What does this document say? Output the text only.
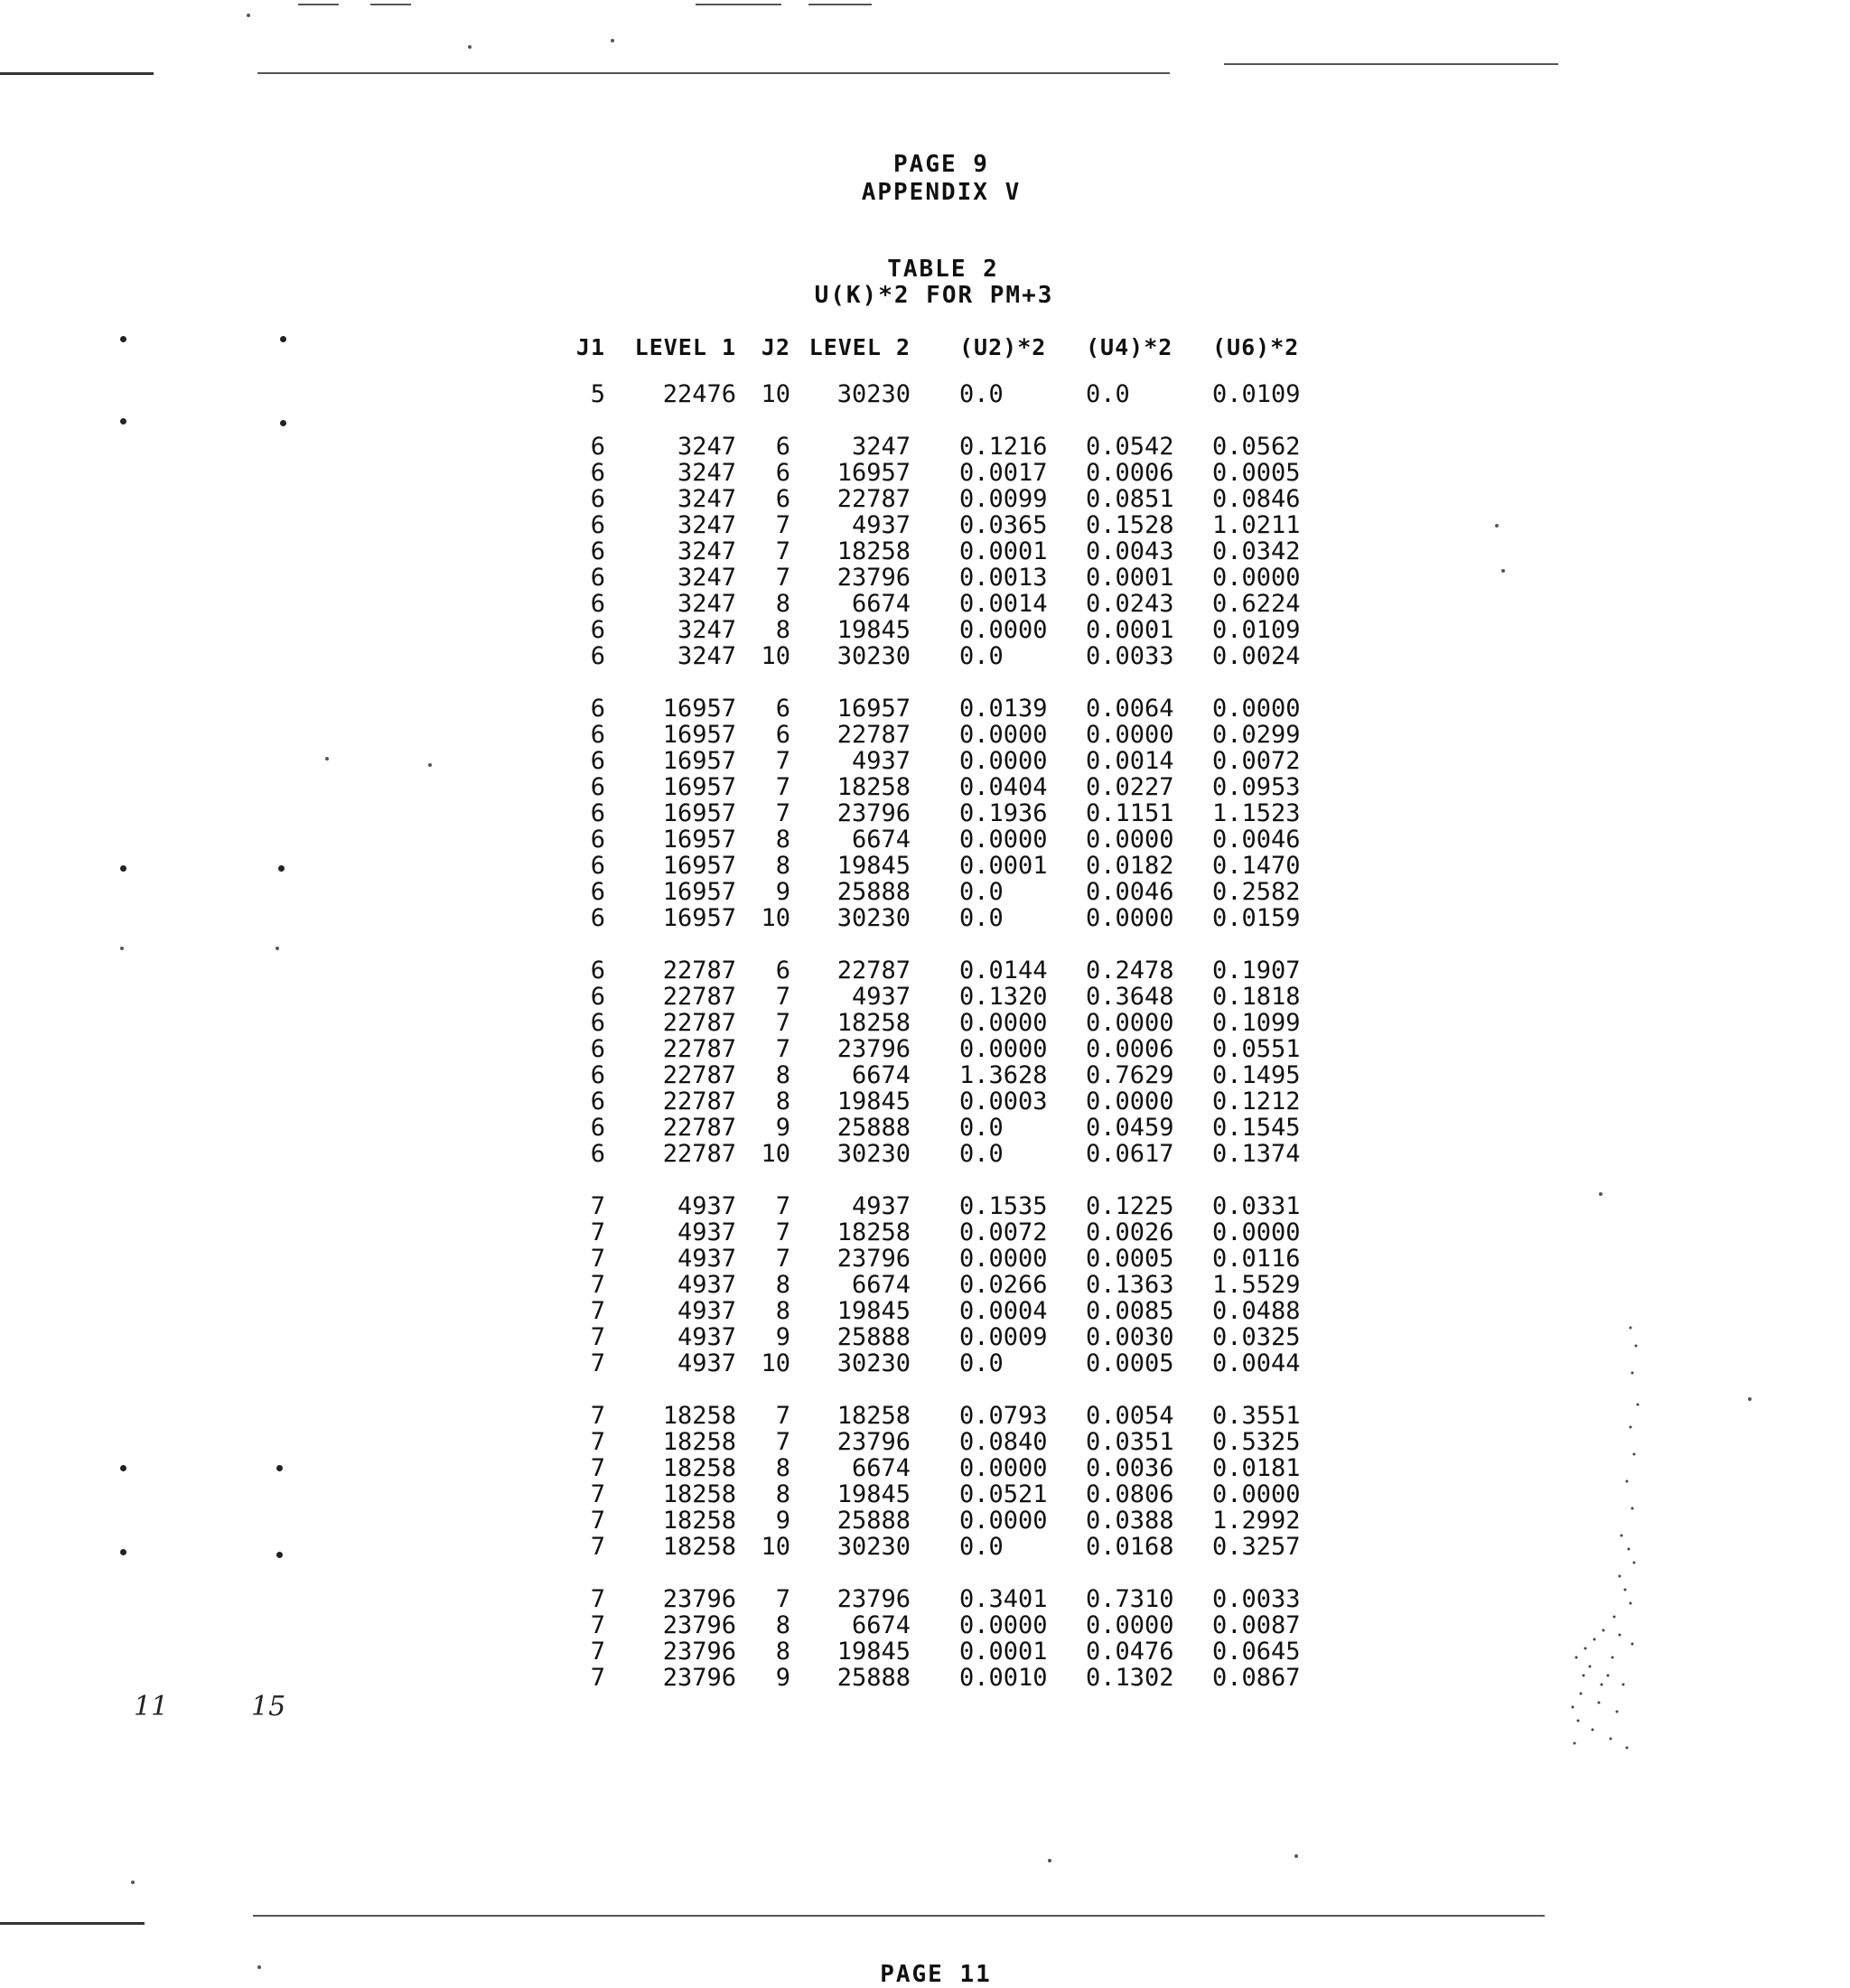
11	15
PAGE 9
APPENDIX V
TABLE 2
U(K)*2 FOR PM+3
J1	LEVEL 1	J2	LEVEL 2	(U2)*2	(U4)*2	(U6)*2
5	22476	10	30230	0.0	0.0	0.0109

6	3247	6	3247	0.1216	0.0542	0.0562
6	3247	6	16957	0.0017	0.0006	0.0005
6	3247	6	22787	0.0099	0.0851	0.0846
6	3247	7	4937	0.0365	0.1528	1.0211
6	3247	7	18258	0.0001	0.0043	0.0342
6	3247	7	23796	0.0013	0.0001	0.0000
6	3247	8	6674	0.0014	0.0243	0.6224
6	3247	8	19845	0.0000	0.0001	0.0109
6	3247	10	30230	0.0	0.0033	0.0024

6	16957	6	16957	0.0139	0.0064	0.0000
6	16957	6	22787	0.0000	0.0000	0.0299
6	16957	7	4937	0.0000	0.0014	0.0072
6	16957	7	18258	0.0404	0.0227	0.0953
6	16957	7	23796	0.1936	0.1151	1.1523
6	16957	8	6674	0.0000	0.0000	0.0046
6	16957	8	19845	0.0001	0.0182	0.1470
6	16957	9	25888	0.0	0.0046	0.2582
6	16957	10	30230	0.0	0.0000	0.0159

6	22787	6	22787	0.0144	0.2478	0.1907
6	22787	7	4937	0.1320	0.3648	0.1818
6	22787	7	18258	0.0000	0.0000	0.1099
6	22787	7	23796	0.0000	0.0006	0.0551
6	22787	8	6674	1.3628	0.7629	0.1495
6	22787	8	19845	0.0003	0.0000	0.1212
6	22787	9	25888	0.0	0.0459	0.1545
6	22787	10	30230	0.0	0.0617	0.1374

7	4937	7	4937	0.1535	0.1225	0.0331
7	4937	7	18258	0.0072	0.0026	0.0000
7	4937	7	23796	0.0000	0.0005	0.0116
7	4937	8	6674	0.0266	0.1363	1.5529
7	4937	8	19845	0.0004	0.0085	0.0488
7	4937	9	25888	0.0009	0.0030	0.0325
7	4937	10	30230	0.0	0.0005	0.0044

7	18258	7	18258	0.0793	0.0054	0.3551
7	18258	7	23796	0.0840	0.0351	0.5325
7	18258	8	6674	0.0000	0.0036	0.0181
7	18258	8	19845	0.0521	0.0806	0.0000
7	18258	9	25888	0.0000	0.0388	1.2992
7	18258	10	30230	0.0	0.0168	0.3257

7	23796	7	23796	0.3401	0.7310	0.0033
7	23796	8	6674	0.0000	0.0000	0.0087
7	23796	8	19845	0.0001	0.0476	0.0645
7	23796	9	25888	0.0010	0.1302	0.0867
PAGE 11
